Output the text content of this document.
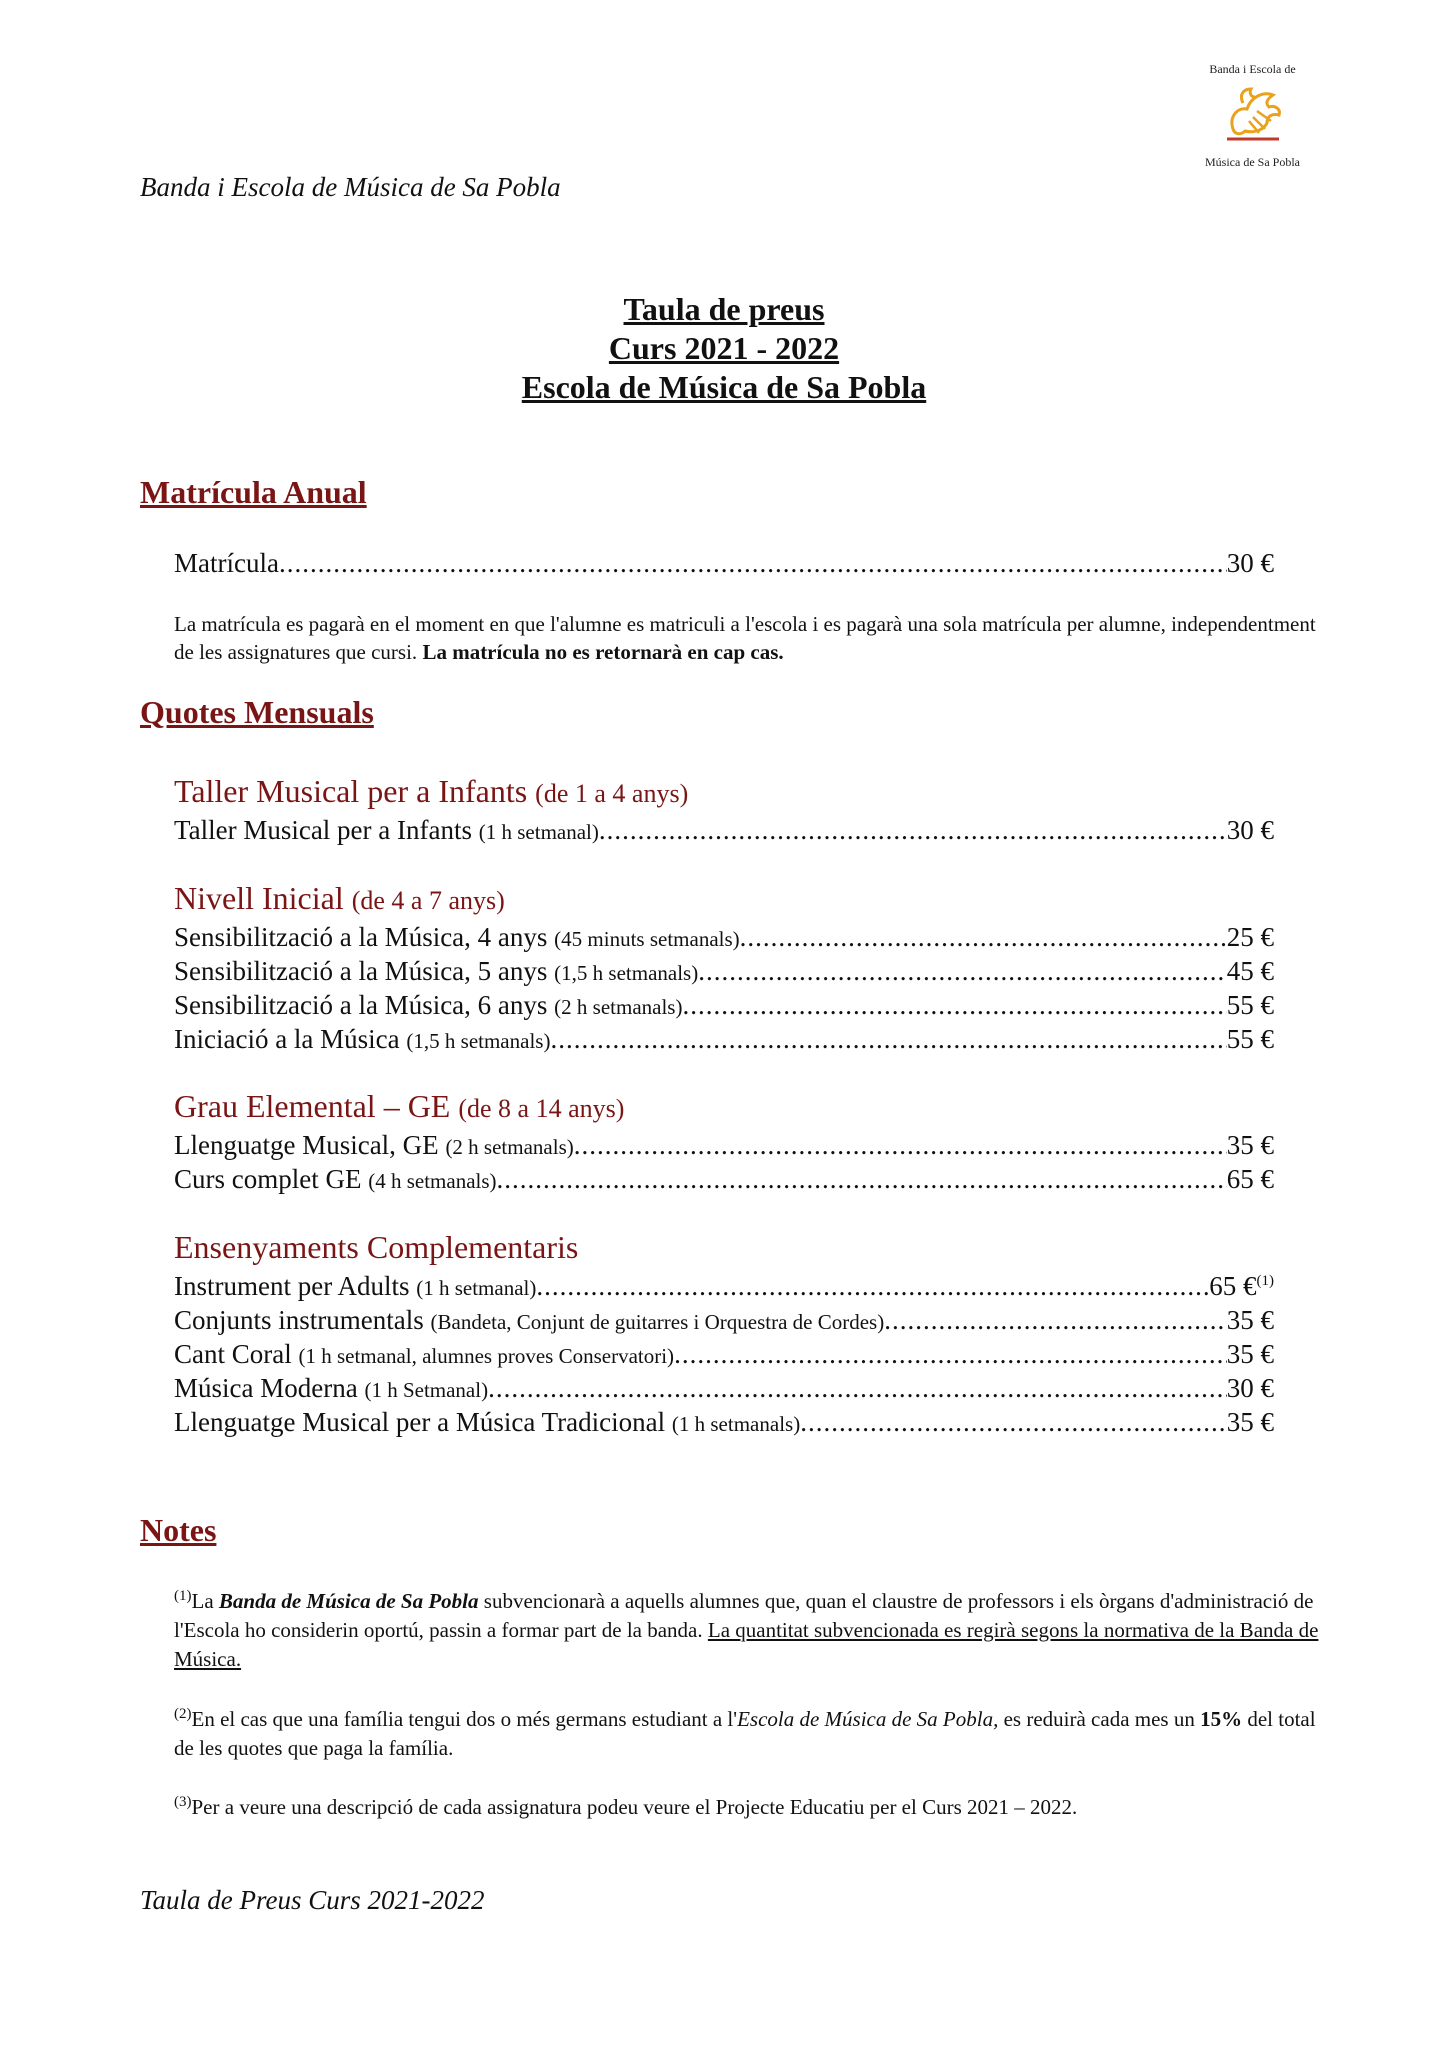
Banda i Escola de
Música de Sa Pobla
Banda i Escola de Música de Sa Pobla
Taula de preus
Curs 2021 - 2022
Escola de Música de Sa Pobla
Matrícula Anual
Matrícula .....	30 €
La matrícula es pagarà en el moment en que l'alumne es matriculi a l'escola i es pagarà una sola matrícula per alumne, independentment de les assignatures que cursi. La matrícula no es retornarà en cap cas.
Quotes Mensuals
Taller Musical per a Infants (de 1 a 4 anys)
Taller Musical per a Infants (1 h setmanal) .....	30 €
Nivell Inicial (de 4 a 7 anys)
Sensibilització a la Música, 4 anys (45 minuts setmanals) .....	25 €
Sensibilització a la Música, 5 anys (1,5 h setmanals) .....	45 €
Sensibilització a la Música, 6 anys (2 h setmanals) .....	55 €
Iniciació a la Música (1,5 h setmanals) .....	55 €
Grau Elemental – GE (de 8 a 14 anys)
Llenguatge Musical, GE (2 h setmanals) .....	35 €
Curs complet GE (4 h setmanals) .....	65 €
Ensenyaments Complementaris
Instrument per Adults (1 h setmanal) .....	65 €$^{(1)}$
Conjunts instrumentals (Bandeta, Conjunt de guitarres i Orquestra de Cordes) .....	35 €
Cant Coral (1 h setmanal, alumnes proves Conservatori) .....	35 €
Música Moderna (1 h Setmanal) .....	30 €
Llenguatge Musical per a Música Tradicional (1 h setmanals) .....	35 €
Notes
$^{(1)}$La Banda de Música de Sa Pobla subvencionarà a aquells alumnes que, quan el claustre de professors i els òrgans d'administració de l'Escola ho considerin oportú, passin a formar part de la banda. La quantitat subvencionada es regirà segons la normativa de la Banda de Música.
$^{(2)}$En el cas que una família tengui dos o més germans estudiant a l'Escola de Música de Sa Pobla, es reduirà cada mes un 15% del total de les quotes que paga la família.
$^{(3)}$Per a veure una descripció de cada assignatura podeu veure el Projecte Educatiu per el Curs 2021 – 2022.
Taula de Preus Curs 2021-2022
